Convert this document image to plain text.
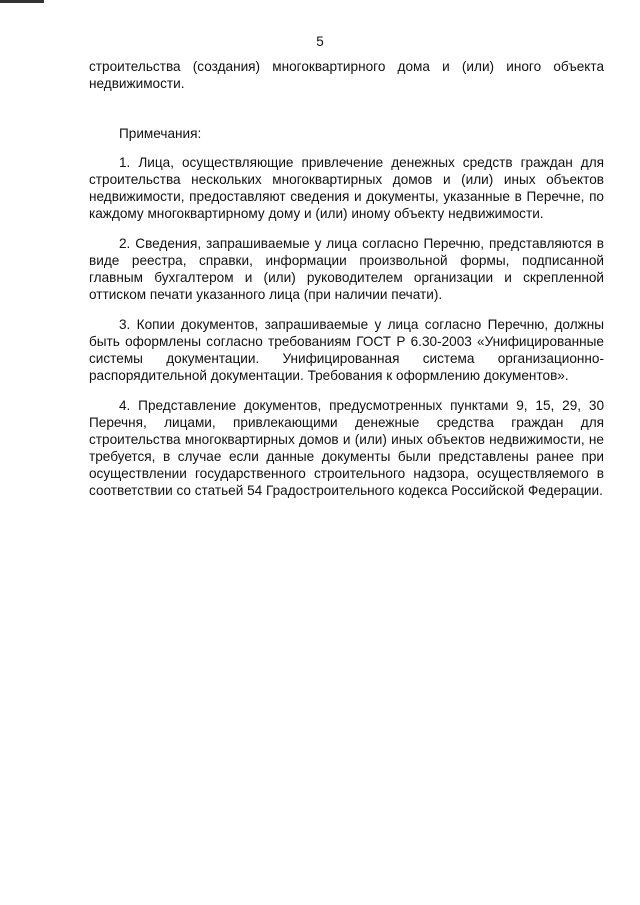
5

строительства (создания) многоквартирного дома и (или) иного объекта недвижимости.

Примечания:

1. Лица, осуществляющие привлечение денежных средств граждан для строительства нескольких многоквартирных домов и (или) иных объектов недвижимости, предоставляют сведения и документы, указанные в Перечне, по каждому многоквартирному дому и (или) иному объекту недвижимости.

2. Сведения, запрашиваемые у лица согласно Перечню, представляются в виде реестра, справки, информации произвольной формы, подписанной главным бухгалтером и (или) руководителем организации и скрепленной оттиском печати указанного лица (при наличии печати).

3. Копии документов, запрашиваемые у лица согласно Перечню, должны быть оформлены согласно требованиям ГОСТ Р 6.30-2003 «Унифицированные системы документации. Унифицированная система организационно-распорядительной документации. Требования к оформлению документов».

4. Представление документов, предусмотренных пунктами 9, 15, 29, 30 Перечня, лицами, привлекающими денежные средства граждан для строительства многоквартирных домов и (или) иных объектов недвижимости, не требуется, в случае если данные документы были представлены ранее при осуществлении государственного строительного надзора, осуществляемого в соответствии со статьей 54 Градостроительного кодекса Российской Федерации.
